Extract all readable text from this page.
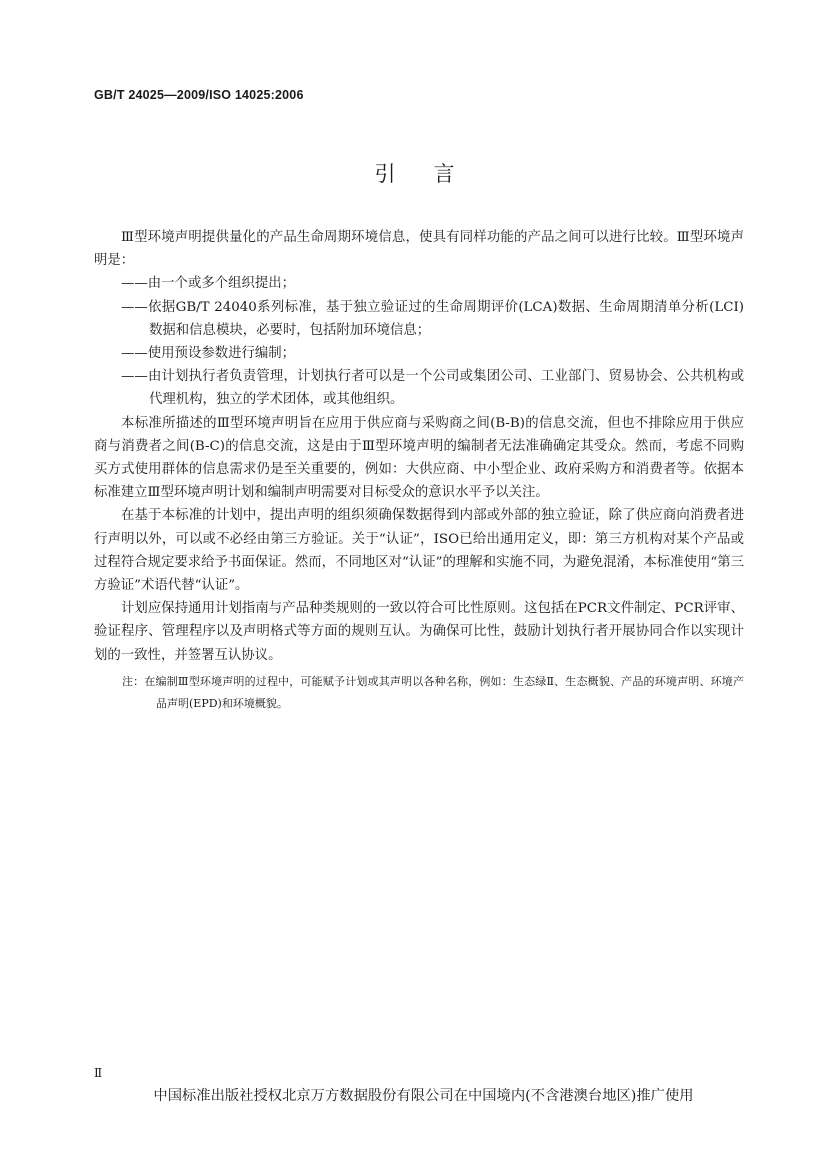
GB/T 24025—2009/ISO 14025:2006
引言

Ⅲ型环境声明提供量化的产品生命周期环境信息，使具有同样功能的产品之间可以进行比较。Ⅲ型环境声明是：

——由一个或多个组织提出；

——依据GB/T 24040系列标准，基于独立验证过的生命周期评价(LCA)数据、生命周期清单分析(LCI)数据和信息模块，必要时，包括附加环境信息；

——使用预设参数进行编制；

——由计划执行者负责管理，计划执行者可以是一个公司或集团公司、工业部门、贸易协会、公共机构或代理机构，独立的学术团体，或其他组织。

本标准所描述的Ⅲ型环境声明旨在应用于供应商与采购商之间(B-B)的信息交流，但也不排除应用于供应商与消费者之间(B-C)的信息交流，这是由于Ⅲ型环境声明的编制者无法准确确定其受众。然而，考虑不同购买方式使用群体的信息需求仍是至关重要的，例如：大供应商、中小型企业、政府采购方和消费者等。依据本标准建立Ⅲ型环境声明计划和编制声明需要对目标受众的意识水平予以关注。

在基于本标准的计划中，提出声明的组织须确保数据得到内部或外部的独立验证，除了供应商向消费者进行声明以外，可以或不必经由第三方验证。关于“认证”，ISO已给出通用定义，即：第三方机构对某个产品或过程符合规定要求给予书面保证。然而，不同地区对“认证”的理解和实施不同，为避免混淆，本标准使用“第三方验证”术语代替“认证”。

计划应保持通用计划指南与产品种类规则的一致以符合可比性原则。这包括在PCR文件制定、PCR评审、验证程序、管理程序以及声明格式等方面的规则互认。为确保可比性，鼓励计划执行者开展协同合作以实现计划的一致性，并签署互认协议。

注：在编制Ⅲ型环境声明的过程中，可能赋予计划或其声明以各种名称，例如：生态绿Ⅱ、生态概貌、产品的环境声明、环境产品声明(EPD)和环境概貌。

Ⅱ
中国标准出版社授权北京万方数据股份有限公司在中国境内(不含港澳台地区)推广使用
